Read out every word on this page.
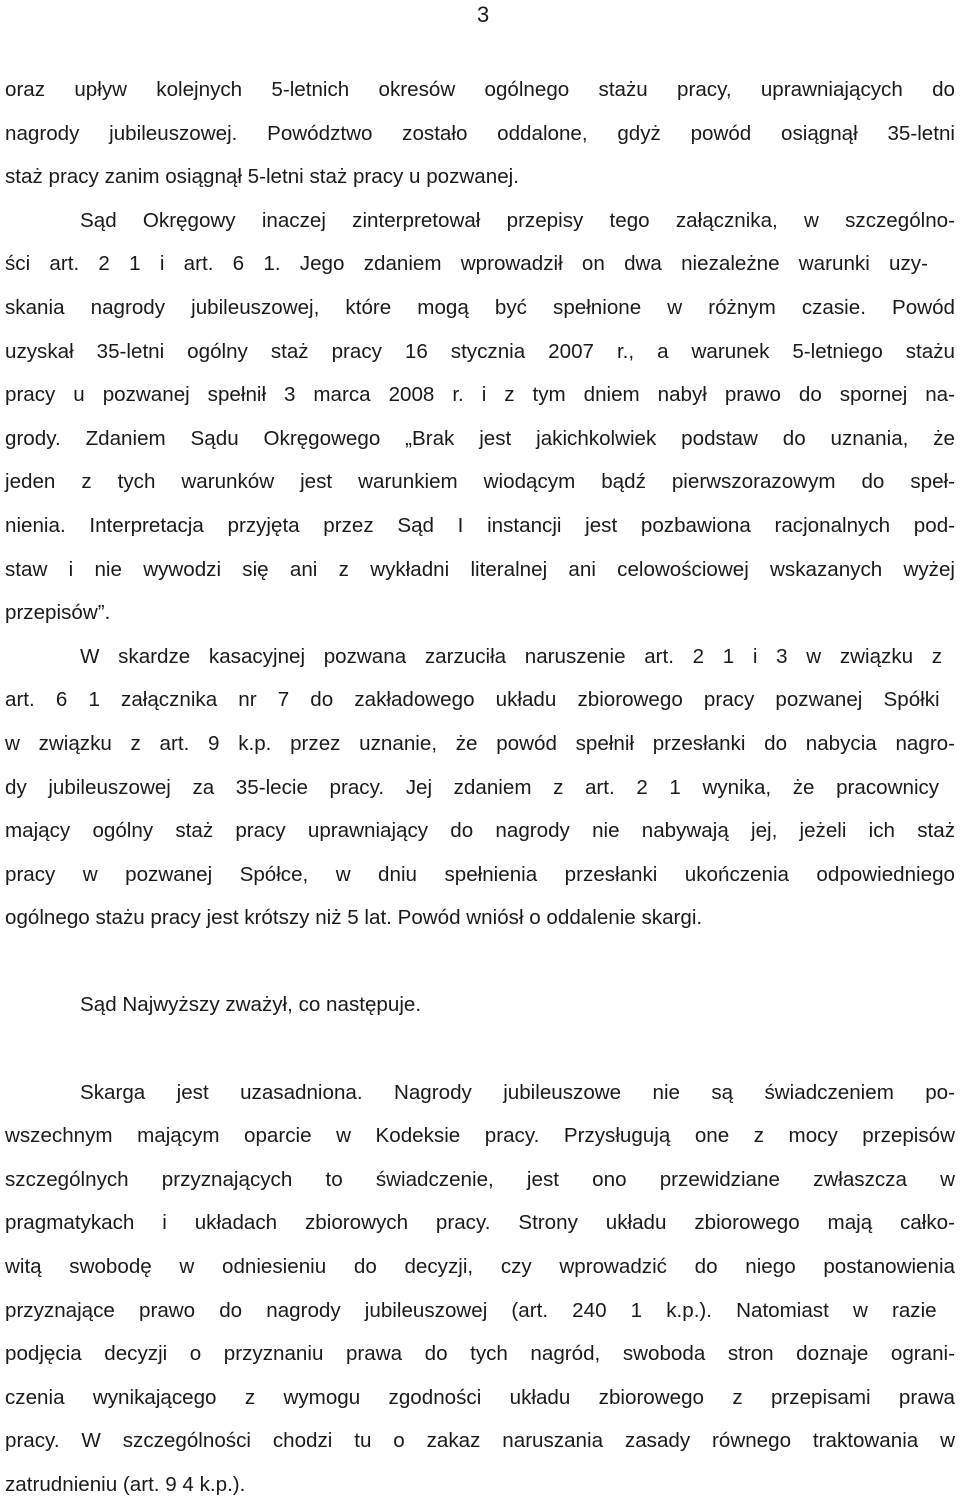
3

oraz upływ kolejnych 5-letnich okresów ogólnego stażu pracy, uprawniających do

nagrody jubileuszowej. Powództwo zostało oddalone, gdyż powód osiągnął 35-letni

staż pracy zanim osiągnął 5-letni staż pracy u pozwanej.

Sąd Okręgowy inaczej zinterpretował przepisy tego załącznika, w szczególno-

ści art. 2 1 i art. 6 1. Jego zdaniem wprowadził on dwa niezależne warunki uzy-

skania nagrody jubileuszowej, które mogą być spełnione w różnym czasie. Powód

uzyskał 35-letni ogólny staż pracy 16 stycznia 2007 r., a warunek 5-letniego stażu

pracy u pozwanej spełnił 3 marca 2008 r. i z tym dniem nabył prawo do spornej na-

grody. Zdaniem Sądu Okręgowego „Brak jest jakichkolwiek podstaw do uznania, że

jeden z tych warunków jest warunkiem wiodącym bądź pierwszorazowym do speł-

nienia. Interpretacja przyjęta przez Sąd I instancji jest pozbawiona racjonalnych pod-

staw i nie wywodzi się ani z wykładni literalnej ani celowościowej wskazanych wyżej

przepisów”.

W skardze kasacyjnej pozwana zarzuciła naruszenie art. 2 1 i 3 w związku z

art. 6 1 załącznika nr 7 do zakładowego układu zbiorowego pracy pozwanej Spółki

w związku z art. 9 k.p. przez uznanie, że powód spełnił przesłanki do nabycia nagro-

dy jubileuszowej za 35-lecie pracy. Jej zdaniem z art. 2 1 wynika, że pracownicy

mający ogólny staż pracy uprawniający do nagrody nie nabywają jej, jeżeli ich staż

pracy w pozwanej Spółce, w dniu spełnienia przesłanki ukończenia odpowiedniego

ogólnego stażu pracy jest krótszy niż 5 lat. Powód wniósł o oddalenie skargi.

Sąd Najwyższy zważył, co następuje.

Skarga jest uzasadniona. Nagrody jubileuszowe nie są świadczeniem po-

wszechnym mającym oparcie w Kodeksie pracy. Przysługują one z mocy przepisów

szczególnych przyznających to świadczenie, jest ono przewidziane zwłaszcza w

pragmatykach i układach zbiorowych pracy. Strony układu zbiorowego mają całko-

witą swobodę w odniesieniu do decyzji, czy wprowadzić do niego postanowienia

przyznające prawo do nagrody jubileuszowej (art. 240 1 k.p.). Natomiast w razie

podjęcia decyzji o przyznaniu prawa do tych nagród, swoboda stron doznaje ograni-

czenia wynikającego z wymogu zgodności układu zbiorowego z przepisami prawa

pracy. W szczególności chodzi tu o zakaz naruszania zasady równego traktowania w

zatrudnieniu (art. 9 4 k.p.).
